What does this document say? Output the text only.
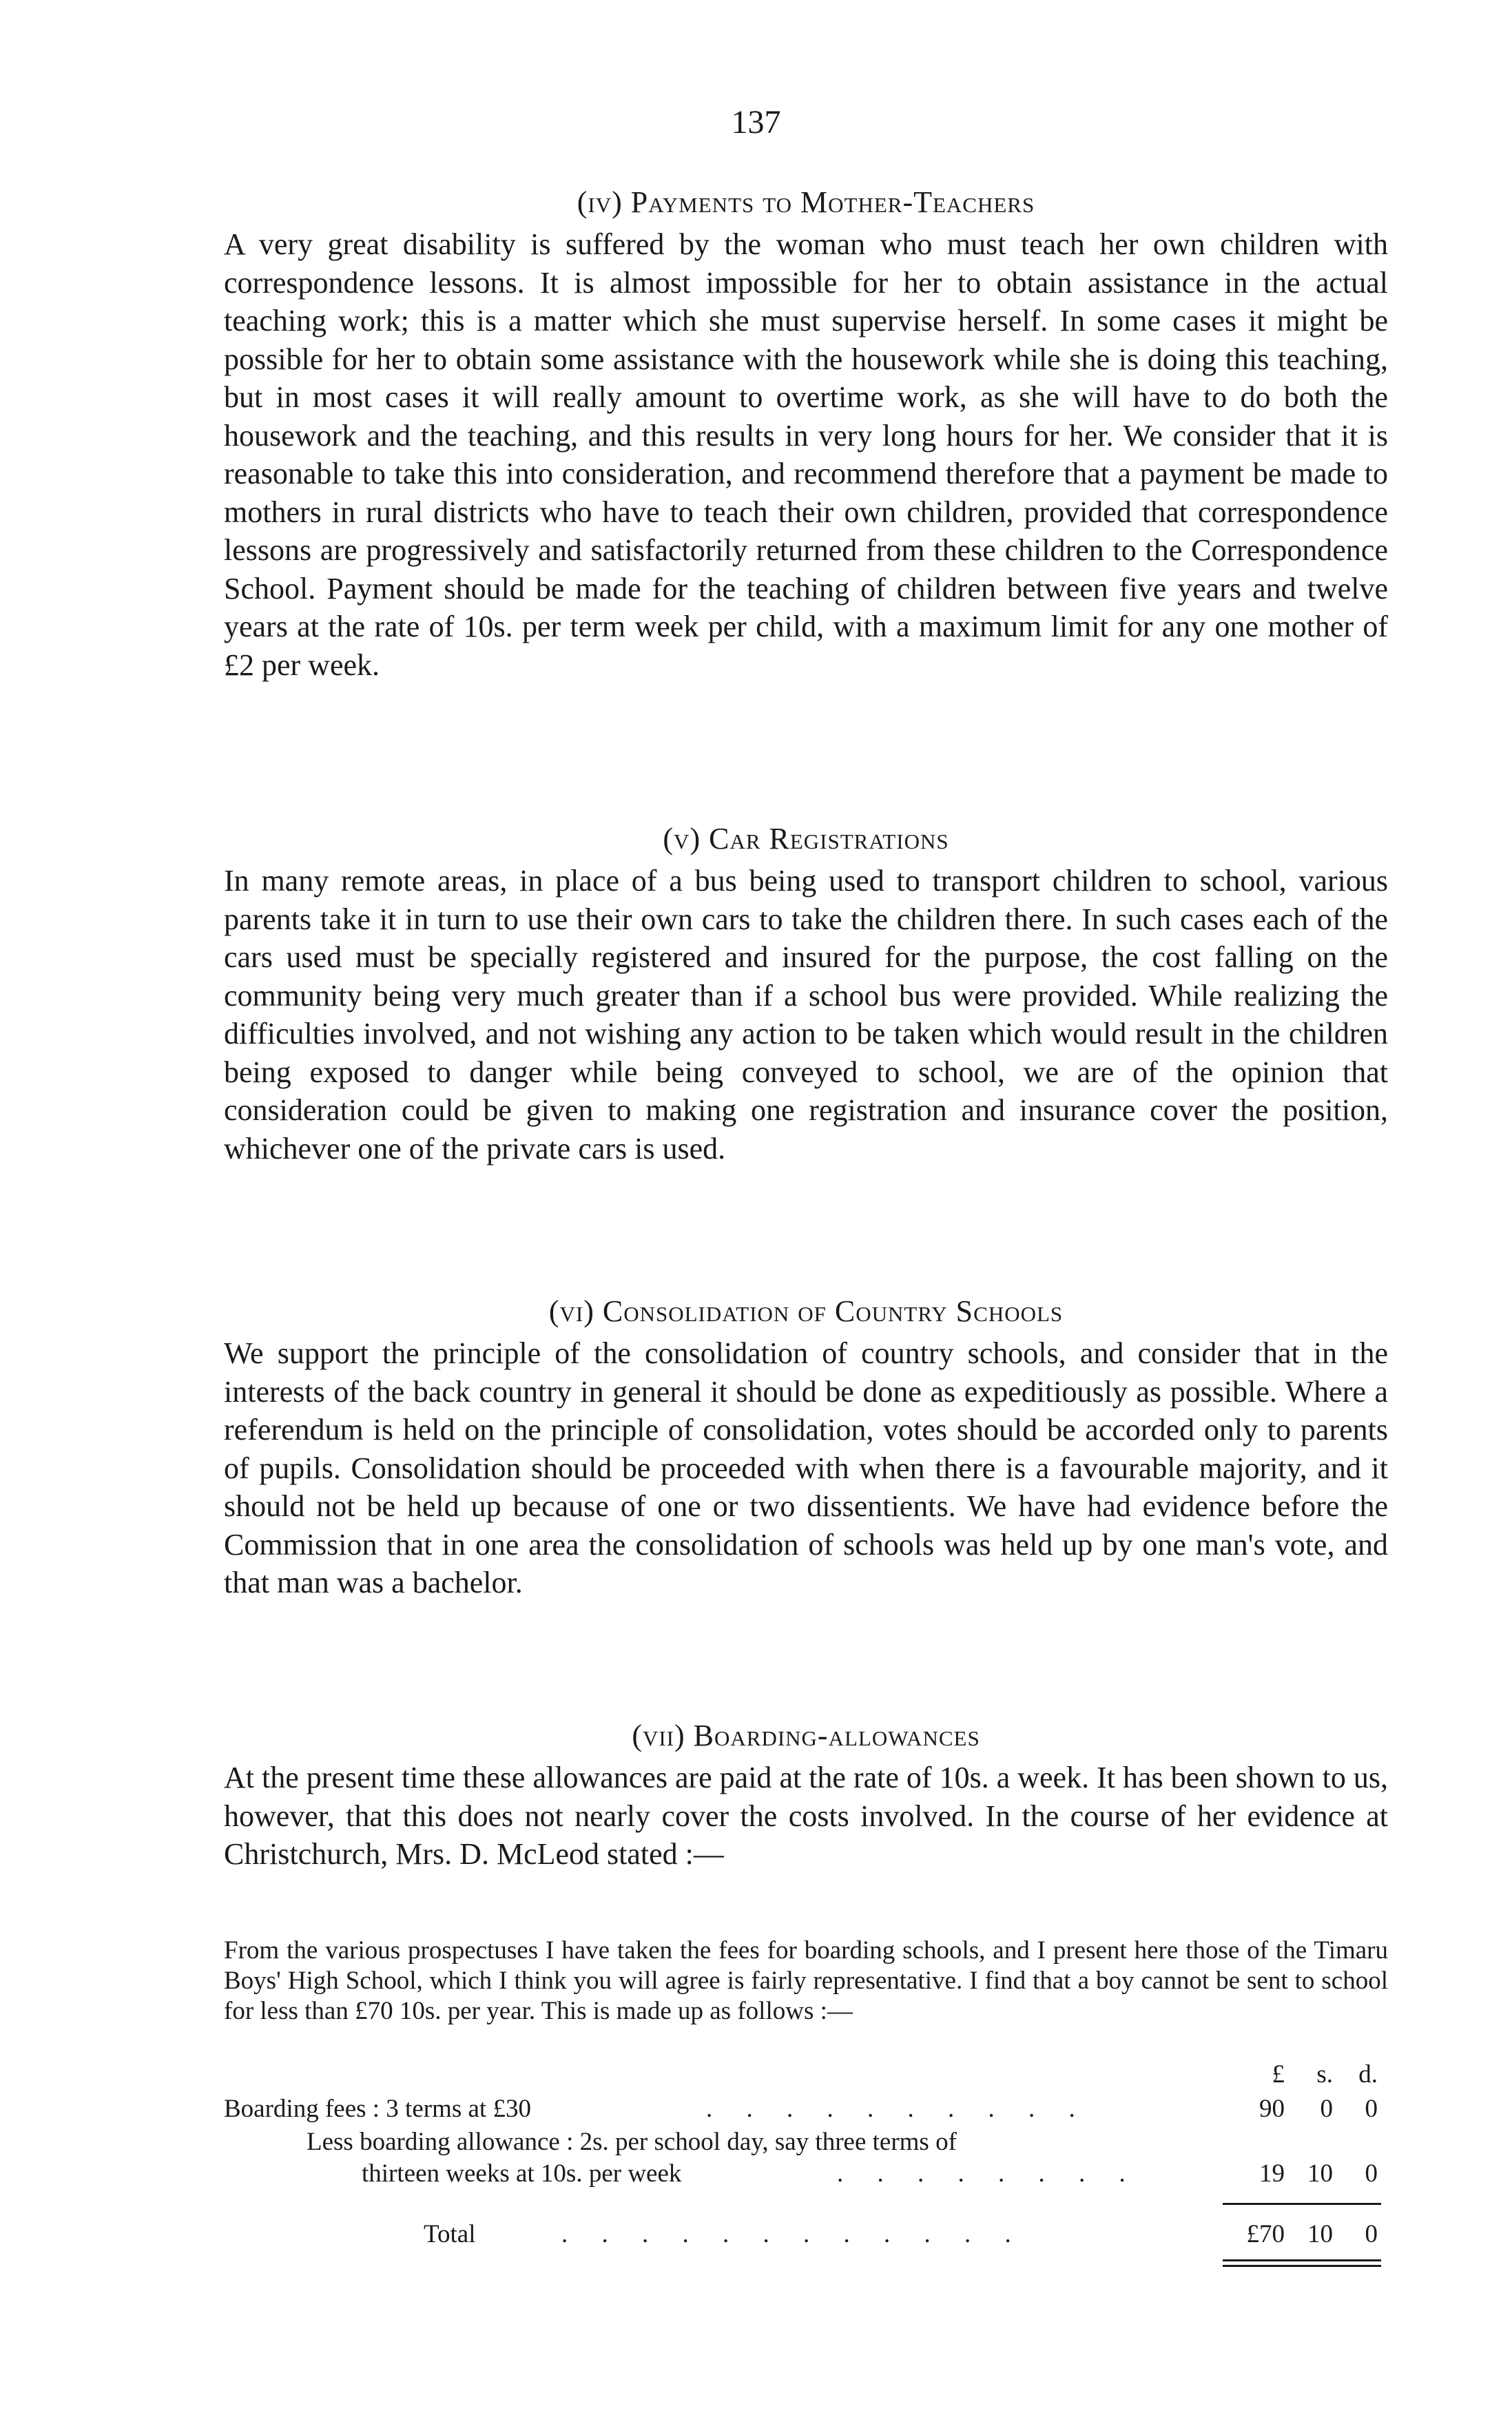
137
(iv) Payments to Mother-Teachers

A very great disability is suffered by the woman who must teach her own children with correspondence lessons. It is almost impossible for her to obtain assistance in the actual teaching work; this is a matter which she must supervise herself. In some cases it might be possible for her to obtain some assistance with the housework while she is doing this teaching, but in most cases it will really amount to overtime work, as she will have to do both the housework and the teaching, and this results in very long hours for her. We consider that it is reasonable to take this into consideration, and recommend therefore that a payment be made to mothers in rural districts who have to teach their own children, provided that correspondence lessons are progressively and satisfactorily returned from these children to the Correspondence School. Payment should be made for the teaching of children between five years and twelve years at the rate of 10s. per term week per child, with a maximum limit for any one mother of £2 per week.

(v) Car Registrations

In many remote areas, in place of a bus being used to transport children to school, various parents take it in turn to use their own cars to take the children there. In such cases each of the cars used must be specially registered and insured for the purpose, the cost falling on the community being very much greater than if a school bus were provided. While realizing the difficulties involved, and not wishing any action to be taken which would result in the children being exposed to danger while being conveyed to school, we are of the opinion that consideration could be given to making one registration and insurance cover the position, whichever one of the private cars is used.

(vi) Consolidation of Country Schools

We support the principle of the consolidation of country schools, and consider that in the interests of the back country in general it should be done as expeditiously as possible. Where a referendum is held on the principle of consolidation, votes should be accorded only to parents of pupils. Consolidation should be proceeded with when there is a favourable majority, and it should not be held up because of one or two dissentients. We have had evidence before the Commission that in one area the consolidation of schools was held up by one man's vote, and that man was a bachelor.

(vii) Boarding-allowances

At the present time these allowances are paid at the rate of 10s. a week. It has been shown to us, however, that this does not nearly cover the costs involved. In the course of her evidence at Christchurch, Mrs. D. McLeod stated :—

From the various prospectuses I have taken the fees for boarding schools, and I present here those of the Timaru Boys' High School, which I think you will agree is fairly representative. I find that a boy cannot be sent to school for less than £70 10s. per year. This is made up as follows :—

£	s.	d.
Boarding fees : 3 terms at £30	. . . . . . . . . .	90	0	0
Less boarding allowance : 2s. per school day, say three terms of
thirteen weeks at 10s. per week	. . . . . . . .	19 10	0
Total	. . . . . . . . . . . .	£70 10	0
